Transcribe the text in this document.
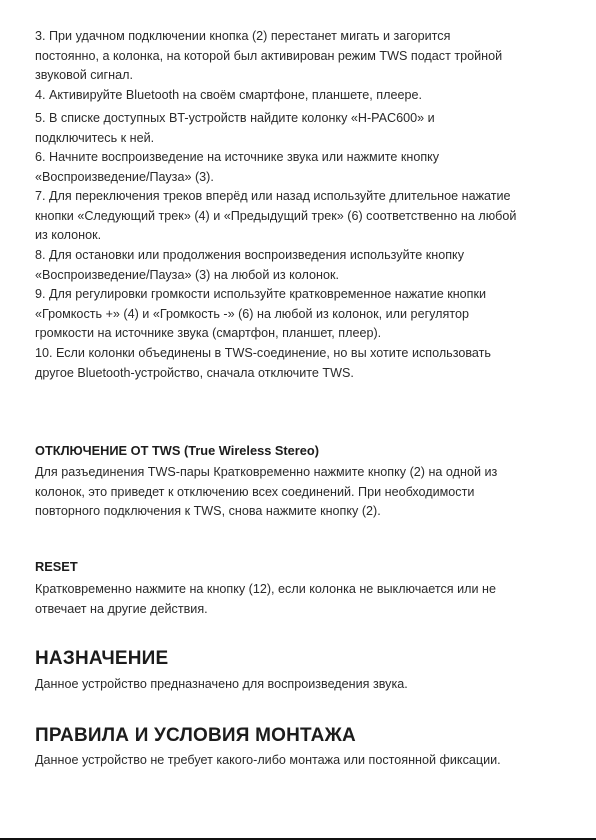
3. При удачном подключении кнопка (2) перестанет мигать и загорится
постоянно, а колонка, на которой был активирован режим TWS подаст тройной
звуковой сигнал.

4. Активируйте Bluetooth на своём смартфоне, планшете, плеере.

5. В списке доступных BT-устройств найдите колонку «H-PAC600» и
подключитесь к ней.

6. Начните воспроизведение на источнике звука или нажмите кнопку
«Воспроизведение/Пауза» (3).

7. Для переключения треков вперёд или назад используйте длительное нажатие
кнопки «Следующий трек» (4) и «Предыдущий трек» (6) соответственно на любой
из колонок.

8. Для остановки или продолжения воспроизведения используйте кнопку
«Воспроизведение/Пауза» (3) на любой из колонок.

9. Для регулировки громкости используйте кратковременное нажатие кнопки
«Громкость +» (4) и «Громкость -» (6) на любой из колонок, или регулятор
громкости на источнике звука (смартфон, планшет, плеер).

10. Если колонки объединены в TWS-соединение, но вы хотите использовать
другое Bluetooth-устройство, сначала отключите TWS.

ОТКЛЮЧЕНИЕ ОТ TWS (True Wireless Stereo)

Для разъединения TWS-пары Кратковременно нажмите кнопку (2) на одной из
колонок, это приведет к отключению всех соединений. При необходимости
повторного подключения к TWS, снова нажмите кнопку (2).

RESET

Кратковременно нажмите на кнопку (12), если колонка не выключается или не
отвечает на другие действия.

НАЗНАЧЕНИЕ

Данное устройство предназначено для воспроизведения звука.

ПРАВИЛА И УСЛОВИЯ МОНТАЖА

Данное устройство не требует какого-либо монтажа или постоянной фиксации.
